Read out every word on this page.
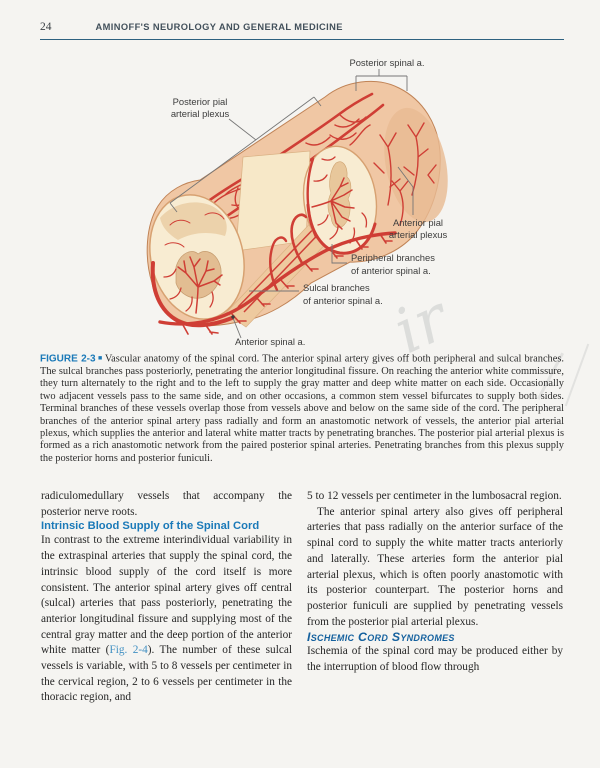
24	AMINOFF'S NEUROLOGY AND GENERAL MEDICINE
Posterior spinal a.
Posterior pial
arterial plexus
Anterior pial
arterial plexus
Peripheral branches
of anterior spinal a.
Sulcal branches
of anterior spinal a.
Anterior spinal a. ir

FIGURE 2-3 ■ Vascular anatomy of the spinal cord. The anterior spinal artery gives off both peripheral and sulcal branches. The sulcal branches pass posteriorly, penetrating the anterior longitudinal fissure. On reaching the anterior white commissure, they turn alternately to the right and to the left to supply the gray matter and deep white matter on each side. Occasionally two adjacent vessels pass to the same side, and on other occasions, a common stem vessel bifurcates to supply both sides. Terminal branches of these vessels overlap those from vessels above and below on the same side of the cord. The peripheral branches of the anterior spinal artery pass radially and form an anastomotic network of vessels, the anterior pial arterial plexus, which supplies the anterior and lateral white matter tracts by penetrating branches. The posterior pial arterial plexus is formed as a rich anastomotic network from the paired posterior spinal arteries. Penetrating branches from this plexus supply the posterior horns and posterior funiculi.

radiculomedullary vessels that accompany the posterior nerve roots.

Intrinsic Blood Supply of the Spinal Cord

In contrast to the extreme interindividual variability in the extraspinal arteries that supply the spinal cord, the intrinsic blood supply of the cord itself is more consistent. The anterior spinal artery gives off central (sulcal) arteries that pass posteriorly, penetrating the anterior longitudinal fissure and supplying most of the central gray matter and the deep portion of the anterior white matter (Fig. 2-4). The number of these sulcal vessels is variable, with 5 to 8 vessels per centimeter in the cervical region, 2 to 6 vessels per centimeter in the thoracic region, and

5 to 12 vessels per centimeter in the lumbosacral region.

The anterior spinal artery also gives off peripheral arteries that pass radially on the anterior surface of the spinal cord to supply the white matter tracts anteriorly and laterally. These arteries form the anterior pial arterial plexus, which is often poorly anastomotic with its posterior counterpart. The posterior horns and posterior funiculi are supplied by penetrating vessels from the posterior pial arterial plexus.

Ischemic Cord Syndromes

Ischemia of the spinal cord may be produced either by the interruption of blood flow through
